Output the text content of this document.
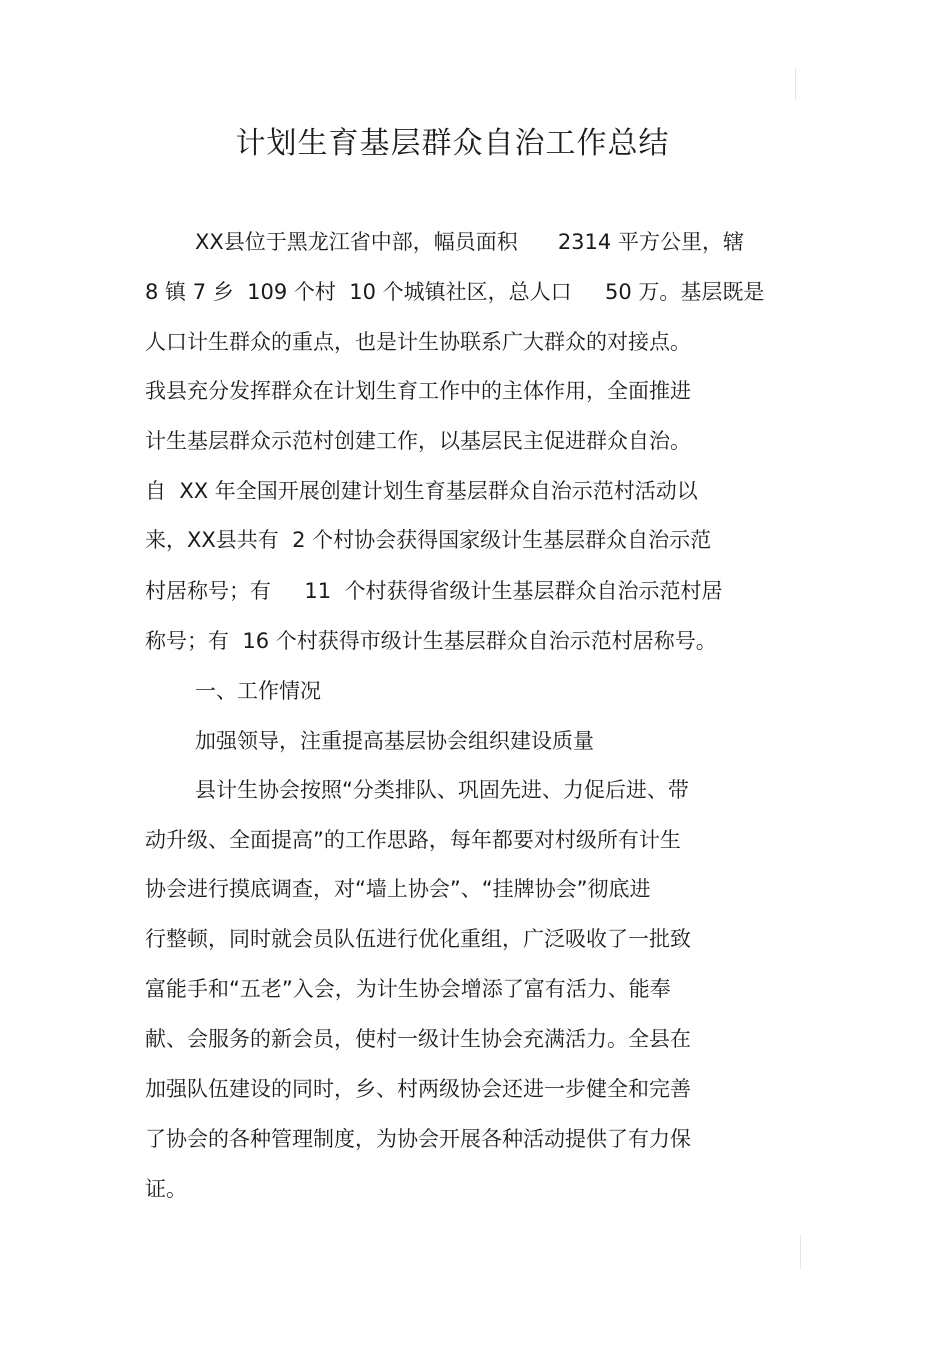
计划生育基层群众自治工作总结
XX县位于黑龙江省中部，幅员面积      2314 平方公里，辖
8 镇 7 乡  109 个村  10 个城镇社区，总人口     50 万。基层既是
人口计生群众的重点，也是计生协联系广大群众的对接点。
我县充分发挥群众在计划生育工作中的主体作用，全面推进
计生基层群众示范村创建工作，以基层民主促进群众自治。
自  XX 年全国开展创建计划生育基层群众自治示范村活动以
来，XX县共有  2 个村协会获得国家级计生基层群众自治示范
村居称号；有     11  个村获得省级计生基层群众自治示范村居
称号；有  16 个村获得市级计生基层群众自治示范村居称号。
一、工作情况
加强领导，注重提高基层协会组织建设质量
县计生协会按照“分类排队、巩固先进、力促后进、带
动升级、全面提高”的工作思路，每年都要对村级所有计生
协会进行摸底调查，对“墙上协会”、“挂牌协会”彻底进
行整顿，同时就会员队伍进行优化重组，广泛吸收了一批致
富能手和“五老”入会，为计生协会增添了富有活力、能奉
献、会服务的新会员，使村一级计生协会充满活力。全县在
加强队伍建设的同时，乡、村两级协会还进一步健全和完善
了协会的各种管理制度，为协会开展各种活动提供了有力保
证。
